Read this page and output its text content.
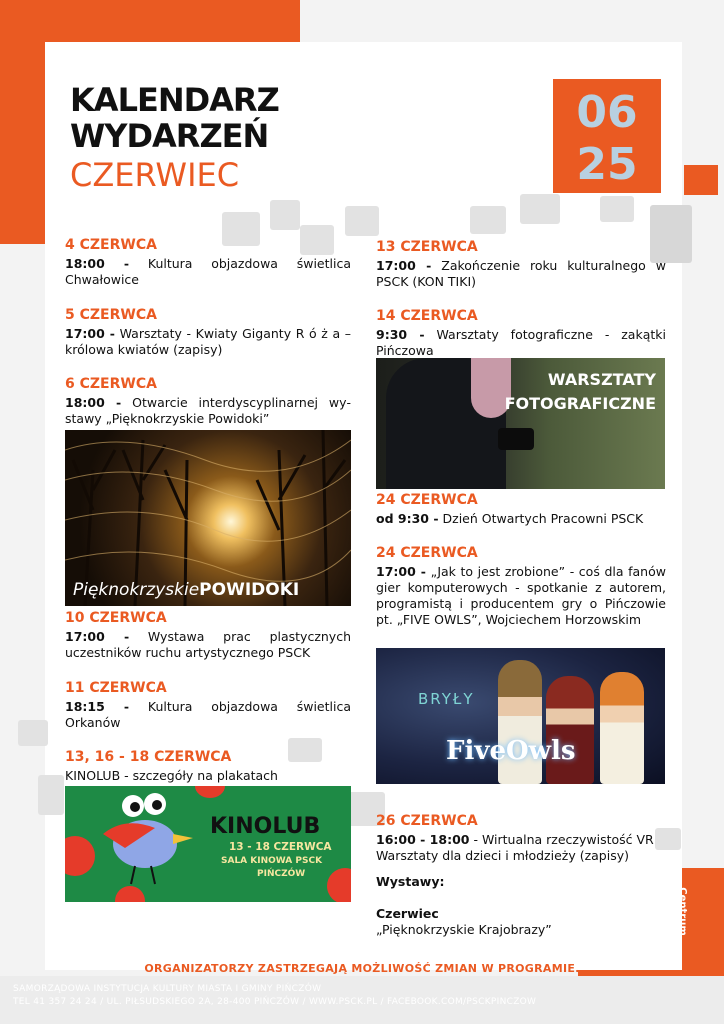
KALENDARZ
WYDARZEŃ
CZERWIEC
06
25
4 CZERWCA
18:00 - Kultura objazdowa świetlica Chwałowice
5 CZERWCA
17:00 - Warsztaty - Kwiaty Giganty R ó ż a – królowa kwiatów (zapisy)
6 CZERWCA
18:00 - Otwarcie interdyscyplinarnej wystawy „Pięknokrzyskie Powidoki”
PięknokrzyskiePOWIDOKI
10 CZERWCA
17:00 - Wystawa prac plastycznych uczestników ruchu artystycznego PSCK
11 CZERWCA
18:15 - Kultura objazdowa świetlica Orkanów
13, 16 - 18 CZERWCA
KINOLUB - szczegóły na plakatach
KINOLUB
13 - 18 CZERWCA
SALA KINOWA PSCK
PIŃCZÓW
13 CZERWCA
17:00 - Zakończenie roku kulturalnego w PSCK (KON TIKI)
14 CZERWCA
9:30 - Warsztaty fotograficzne - zakątki Pińczowa
WARSZTATY
FOTOGRAFICZNE
24 CZERWCA
od 9:30 - Dzień Otwartych Pracowni PSCK
24 CZERWCA
17:00 - „Jak to jest zrobione” - coś dla fanów gier komputerowych - spotkanie z autorem, programistą i producentem gry o Pińczowie pt. „FIVE OWLS”, Wojciechem Horzowskim
BRYŁY
FiveOwls
26 CZERWCA
16:00 - 18:00 - Wirtualna rzeczywistość VR Warsztaty dla dzieci i młodzieży (zapisy)
Wystawy:
Czerwiec
„Pięknokrzyskie Krajobrazy”
Samorządowe
Pińczowskie	Centrum
Kultury
ORGANIZATORZY ZASTRZEGAJĄ MOŻLIWOŚĆ ZMIAN W PROGRAMIE.
SAMORZĄDOWA INSTYTUCJA KULTURY MIASTA I GMINY PIŃCZÓW
TEL 41 357 24 24 / UL. PIŁSUDSKIEGO 2A, 28-400 PIŃCZÓW / WWW.PSCK.PL / FACEBOOK.COM/PSCKPINCZOW
